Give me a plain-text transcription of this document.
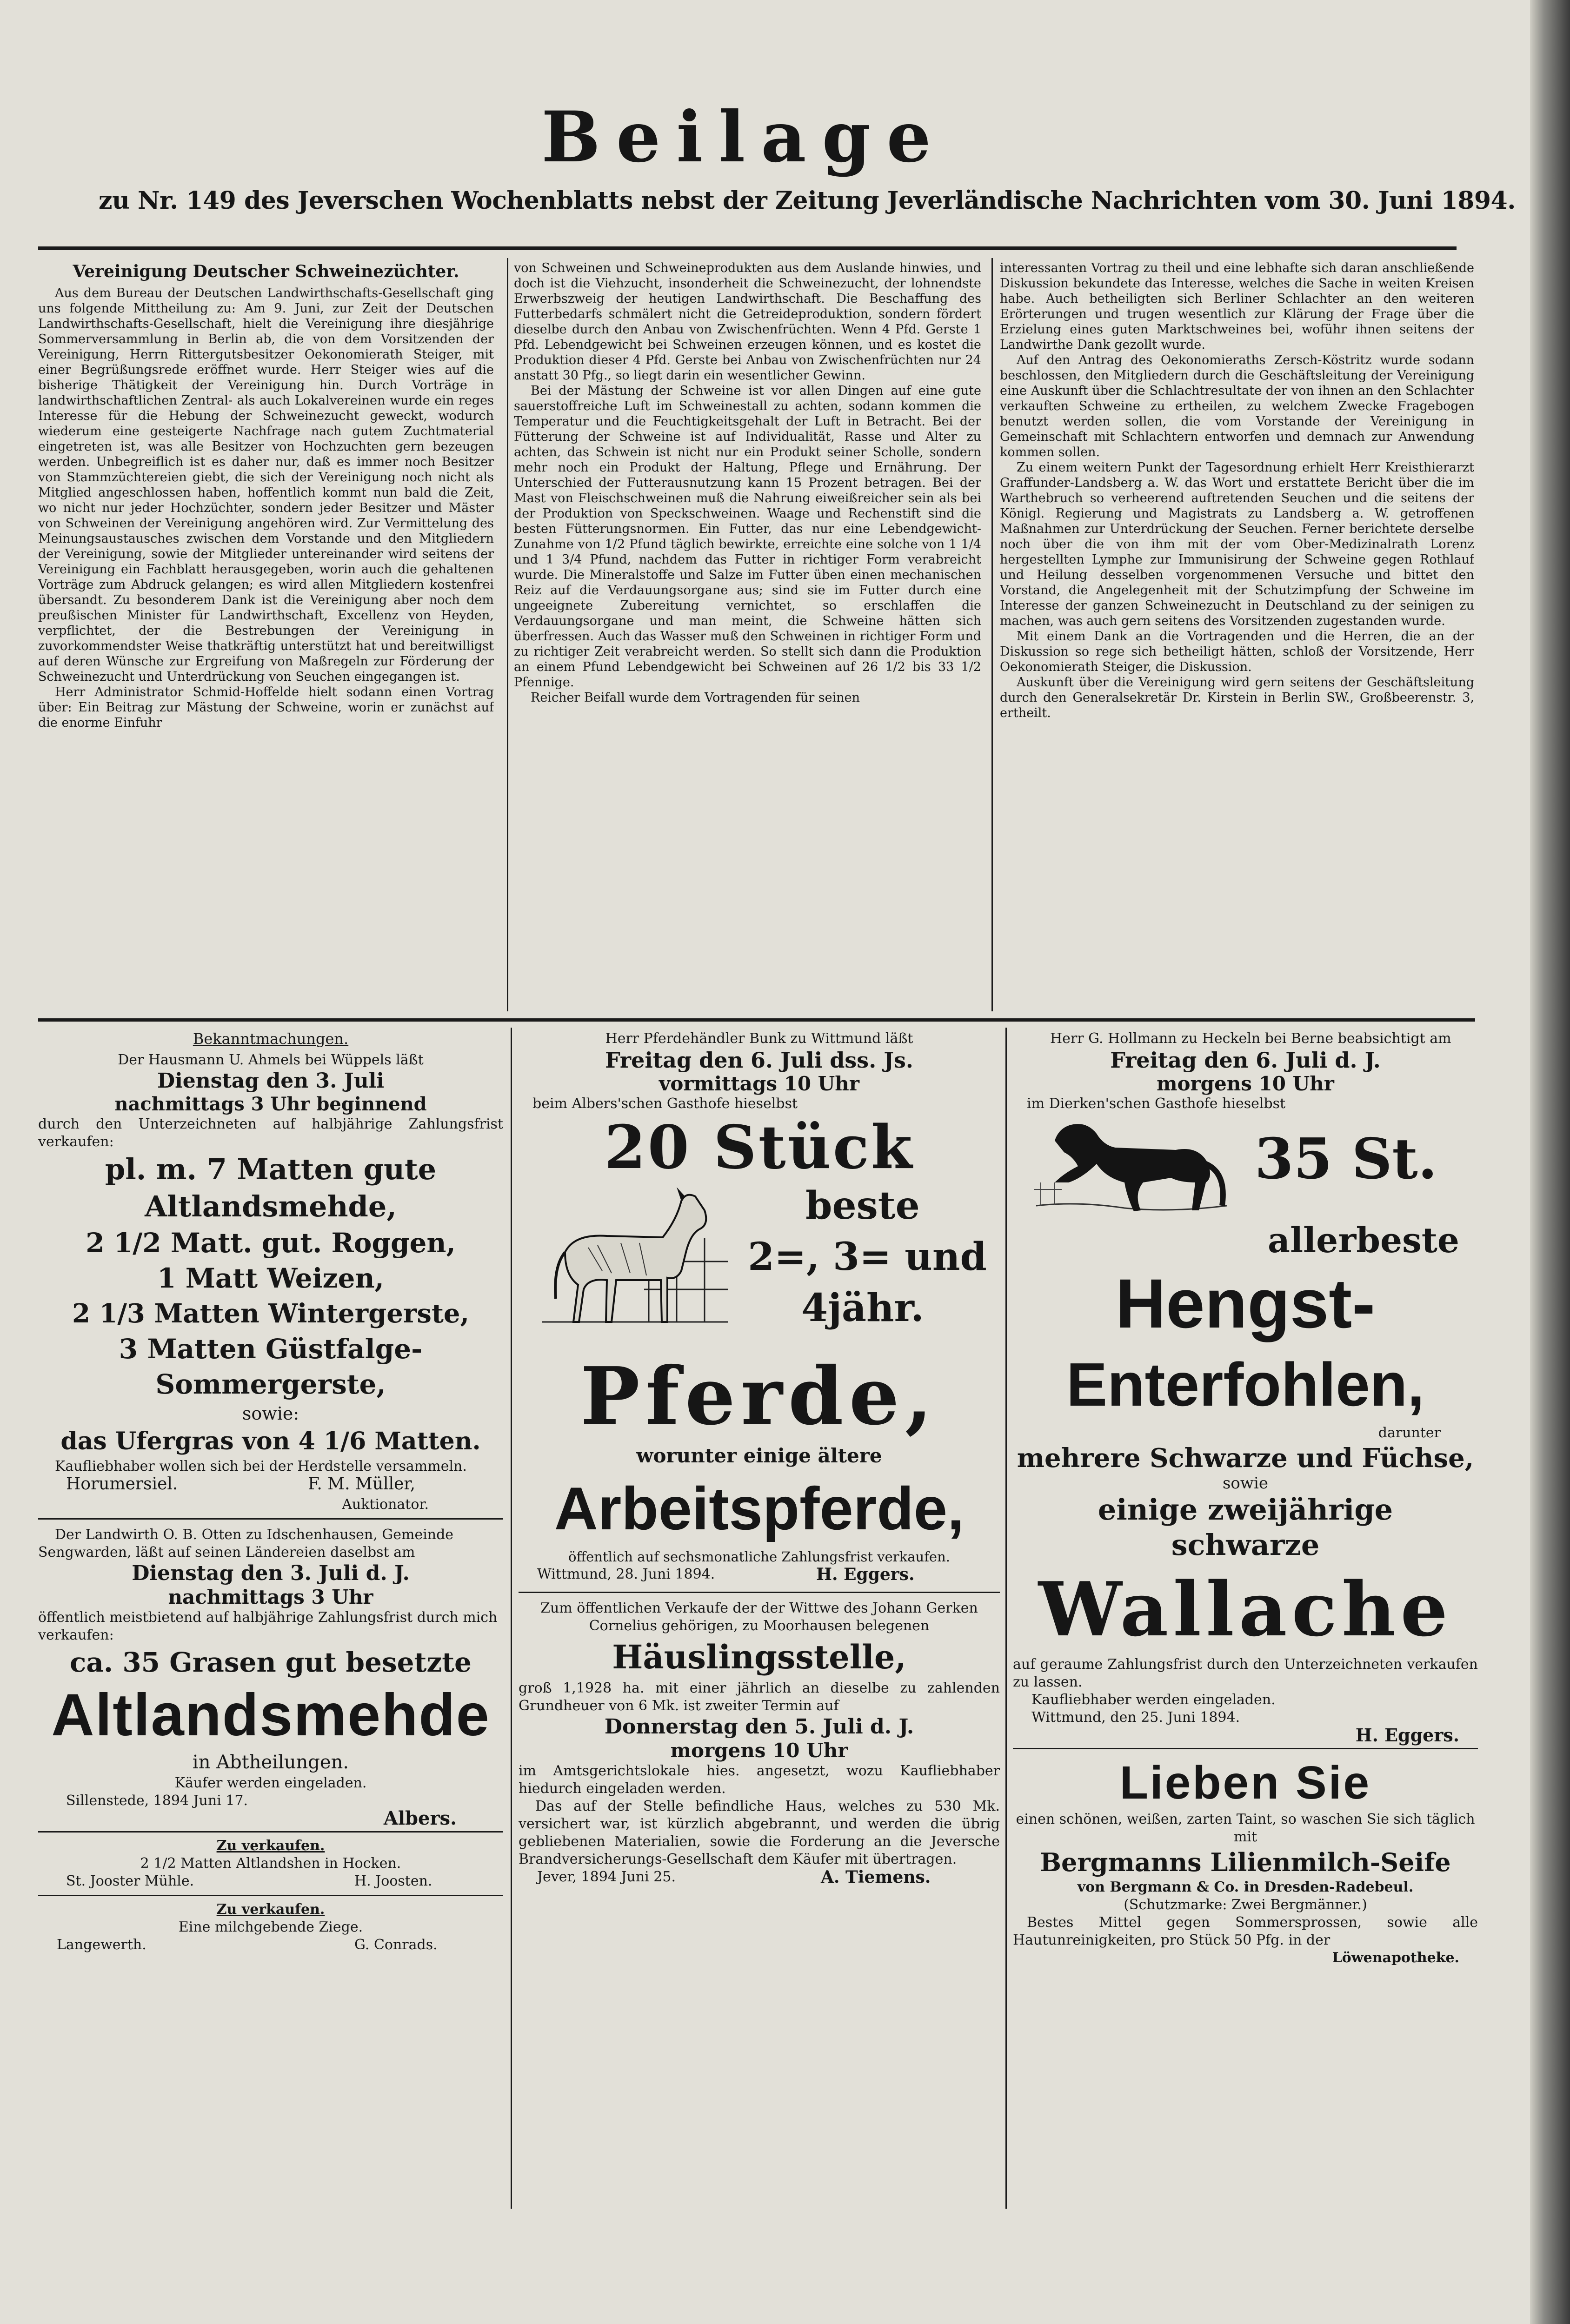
Beilage
zu Nr. 149 des Jeverschen Wochenblatts nebst der Zeitung Jeverländische Nachrichten vom 30. Juni 1894.
Vereinigung Deutscher Schweinezüchter.

Aus dem Bureau der Deutschen Landwirthschafts-Gesellschaft ging uns folgende Mittheilung zu: Am 9. Juni, zur Zeit der Deutschen Landwirthschafts-Gesellschaft, hielt die Vereinigung ihre diesjährige Sommerversammlung in Berlin ab, die von dem Vorsitzenden der Vereinigung, Herrn Rittergutsbesitzer Oekonomierath Steiger, mit einer Begrüßungsrede eröffnet wurde. Herr Steiger wies auf die bisherige Thätigkeit der Vereinigung hin. Durch Vorträge in landwirthschaftlichen Zentral- als auch Lokalvereinen wurde ein reges Interesse für die Hebung der Schweinezucht geweckt, wodurch wiederum eine gesteigerte Nachfrage nach gutem Zuchtmaterial eingetreten ist, was alle Besitzer von Hochzuchten gern bezeugen werden. Unbegreiflich ist es daher nur, daß es immer noch Besitzer von Stammzüchtereien giebt, die sich der Vereinigung noch nicht als Mitglied angeschlossen haben, hoffentlich kommt nun bald die Zeit, wo nicht nur jeder Hochzüchter, sondern jeder Besitzer und Mäster von Schweinen der Vereinigung angehören wird. Zur Vermittelung des Meinungsaustausches zwischen dem Vorstande und den Mitgliedern der Vereinigung, sowie der Mitglieder untereinander wird seitens der Vereinigung ein Fachblatt herausgegeben, worin auch die gehaltenen Vorträge zum Abdruck gelangen; es wird allen Mitgliedern kostenfrei übersandt. Zu besonderem Dank ist die Vereinigung aber noch dem preußischen Minister für Landwirthschaft, Excellenz von Heyden, verpflichtet, der die Bestrebungen der Vereinigung in zuvorkommendster Weise thatkräftig unterstützt hat und bereitwilligst auf deren Wünsche zur Ergreifung von Maßregeln zur Förderung der Schweinezucht und Unterdrückung von Seuchen eingegangen ist.

Herr Administrator Schmid-Hoffelde hielt sodann einen Vortrag über: Ein Beitrag zur Mästung der Schweine, worin er zunächst auf die enorme Einfuhr

von Schweinen und Schweineprodukten aus dem Auslande hinwies, und doch ist die Viehzucht, insonderheit die Schweinezucht, der lohnendste Erwerbszweig der heutigen Landwirthschaft. Die Beschaffung des Futterbedarfs schmälert nicht die Getreideproduktion, sondern fördert dieselbe durch den Anbau von Zwischenfrüchten. Wenn 4 Pfd. Gerste 1 Pfd. Lebendgewicht bei Schweinen erzeugen können, und es kostet die Produktion dieser 4 Pfd. Gerste bei Anbau von Zwischenfrüchten nur 24 anstatt 30 Pfg., so liegt darin ein wesentlicher Gewinn.

Bei der Mästung der Schweine ist vor allen Dingen auf eine gute sauerstoffreiche Luft im Schweinestall zu achten, sodann kommen die Temperatur und die Feuchtigkeitsgehalt der Luft in Betracht. Bei der Fütterung der Schweine ist auf Individualität, Rasse und Alter zu achten, das Schwein ist nicht nur ein Produkt seiner Scholle, sondern mehr noch ein Produkt der Haltung, Pflege und Ernährung. Der Unterschied der Futterausnutzung kann 15 Prozent betragen. Bei der Mast von Fleischschweinen muß die Nahrung eiweißreicher sein als bei der Produktion von Speckschweinen. Waage und Rechenstift sind die besten Fütterungsnormen. Ein Futter, das nur eine Lebendgewicht-Zunahme von 1/2 Pfund täglich bewirkte, erreichte eine solche von 1 1/4 und 1 3/4 Pfund, nachdem das Futter in richtiger Form verabreicht wurde. Die Mineralstoffe und Salze im Futter üben einen mechanischen Reiz auf die Verdauungsorgane aus; sind sie im Futter durch eine ungeeignete Zubereitung vernichtet, so erschlaffen die Verdauungsorgane und man meint, die Schweine hätten sich überfressen. Auch das Wasser muß den Schweinen in richtiger Form und zu richtiger Zeit verabreicht werden. So stellt sich dann die Produktion an einem Pfund Lebendgewicht bei Schweinen auf 26 1/2 bis 33 1/2 Pfennige.

Reicher Beifall wurde dem Vortragenden für seinen

interessanten Vortrag zu theil und eine lebhafte sich daran anschließende Diskussion bekundete das Interesse, welches die Sache in weiten Kreisen habe. Auch betheiligten sich Berliner Schlachter an den weiteren Erörterungen und trugen wesentlich zur Klärung der Frage über die Erzielung eines guten Marktschweines bei, woführ ihnen seitens der Landwirthe Dank gezollt wurde.

Auf den Antrag des Oekonomieraths Zersch-Köstritz wurde sodann beschlossen, den Mitgliedern durch die Geschäftsleitung der Vereinigung eine Auskunft über die Schlachtresultate der von ihnen an den Schlachter verkauften Schweine zu ertheilen, zu welchem Zwecke Fragebogen benutzt werden sollen, die vom Vorstande der Vereinigung in Gemeinschaft mit Schlachtern entworfen und demnach zur Anwendung kommen sollen.

Zu einem weitern Punkt der Tagesordnung erhielt Herr Kreisthierarzt Graffunder-Landsberg a. W. das Wort und erstattete Bericht über die im Warthebruch so verheerend auftretenden Seuchen und die seitens der Königl. Regierung und Magistrats zu Landsberg a. W. getroffenen Maßnahmen zur Unterdrückung der Seuchen. Ferner berichtete derselbe noch über die von ihm mit der vom Ober-Medizinalrath Lorenz hergestellten Lymphe zur Immunisirung der Schweine gegen Rothlauf und Heilung desselben vorgenommenen Versuche und bittet den Vorstand, die Angelegenheit mit der Schutzimpfung der Schweine im Interesse der ganzen Schweinezucht in Deutschland zu der seinigen zu machen, was auch gern seitens des Vorsitzenden zugestanden wurde.

Mit einem Dank an die Vortragenden und die Herren, die an der Diskussion so rege sich betheiligt hätten, schloß der Vorsitzende, Herr Oekonomierath Steiger, die Diskussion.

Auskunft über die Vereinigung wird gern seitens der Geschäftsleitung durch den Generalsekretär Dr. Kirstein in Berlin SW., Großbeerenstr. 3, ertheilt.

Bekanntmachungen.
Der Hausmann U. Ahmels bei Wüppels läßt
Dienstag den 3. Juli
nachmittags 3 Uhr beginnend
durch den Unterzeichneten auf halbjährige Zahlungsfrist verkaufen:
pl. m. 7 Matten gute
Altlandsmehde,
2 1/2 Matt. gut. Roggen,
1 Matt Weizen,
2 1/3 Matten Wintergerste,
3 Matten Güstfalge-
Sommergerste,
sowie:
das Ufergras von 4 1/6 Matten.
Kaufliebhaber wollen sich bei der Herdstelle versammeln.
Horumersiel.	F. M. Müller,
Auktionator.
Der Landwirth O. B. Otten zu Idschenhausen, Gemeinde Sengwarden, läßt auf seinen Ländereien daselbst am
Dienstag den 3. Juli d. J.
nachmittags 3 Uhr
öffentlich meistbietend auf halbjährige Zahlungsfrist durch mich verkaufen:
ca. 35 Grasen gut besetzte
Altlandsmehde
in Abtheilungen.
Käufer werden eingeladen.
Sillenstede, 1894 Juni 17.
Albers.
Zu verkaufen.
2 1/2 Matten Altlandshen in Hocken.
St. Jooster Mühle.	H. Joosten.
Zu verkaufen.
Eine milchgebende Ziege.
Langewerth.	G. Conrads.
Herr Pferdehändler Bunk zu Wittmund läßt
Freitag den 6. Juli dss. Js.
vormittags 10 Uhr
beim Albers'schen Gasthofe hieselbst
20 Stück
beste
2=, 3= und
4jähr.
Pferde,
worunter einige ältere
Arbeitspferde,
öffentlich auf sechsmonatliche Zahlungsfrist verkaufen.
Wittmund, 28. Juni 1894.	H. Eggers.
Zum öffentlichen Verkaufe der der Wittwe des Johann Gerken Cornelius gehörigen, zu Moorhausen belegenen
Häuslingsstelle,
groß 1,1928 ha. mit einer jährlich an dieselbe zu zahlenden Grundheuer von 6 Mk. ist zweiter Termin auf
Donnerstag den 5. Juli d. J.
morgens 10 Uhr
im Amtsgerichtslokale hies. angesetzt, wozu Kaufliebhaber hiedurch eingeladen werden.
Das auf der Stelle befindliche Haus, welches zu 530 Mk. versichert war, ist kürzlich abgebrannt, und werden die übrig gebliebenen Materialien, sowie die Forderung an die Jeversche Brandversicherungs-Gesellschaft dem Käufer mit übertragen.
Jever, 1894 Juni 25.	A. Tiemens.
Herr G. Hollmann zu Heckeln bei Berne beabsichtigt am
Freitag den 6. Juli d. J.
morgens 10 Uhr
im Dierken'schen Gasthofe hieselbst
35 St.
allerbeste
Hengst-
Enterfohlen,
darunter
mehrere Schwarze und Füchse,
sowie
einige zweijährige
schwarze
Wallache
auf geraume Zahlungsfrist durch den Unterzeichneten verkaufen zu lassen.
Kaufliebhaber werden eingeladen.
Wittmund, den 25. Juni 1894.
H. Eggers.
Lieben Sie
einen schönen, weißen, zarten Taint, so waschen Sie sich täglich mit
Bergmanns Lilienmilch-Seife
von Bergmann & Co. in Dresden-Radebeul.
(Schutzmarke: Zwei Bergmänner.)
Bestes Mittel gegen Sommersprossen, sowie alle Hautunreinigkeiten, pro Stück 50 Pfg. in der
Löwenapotheke.
